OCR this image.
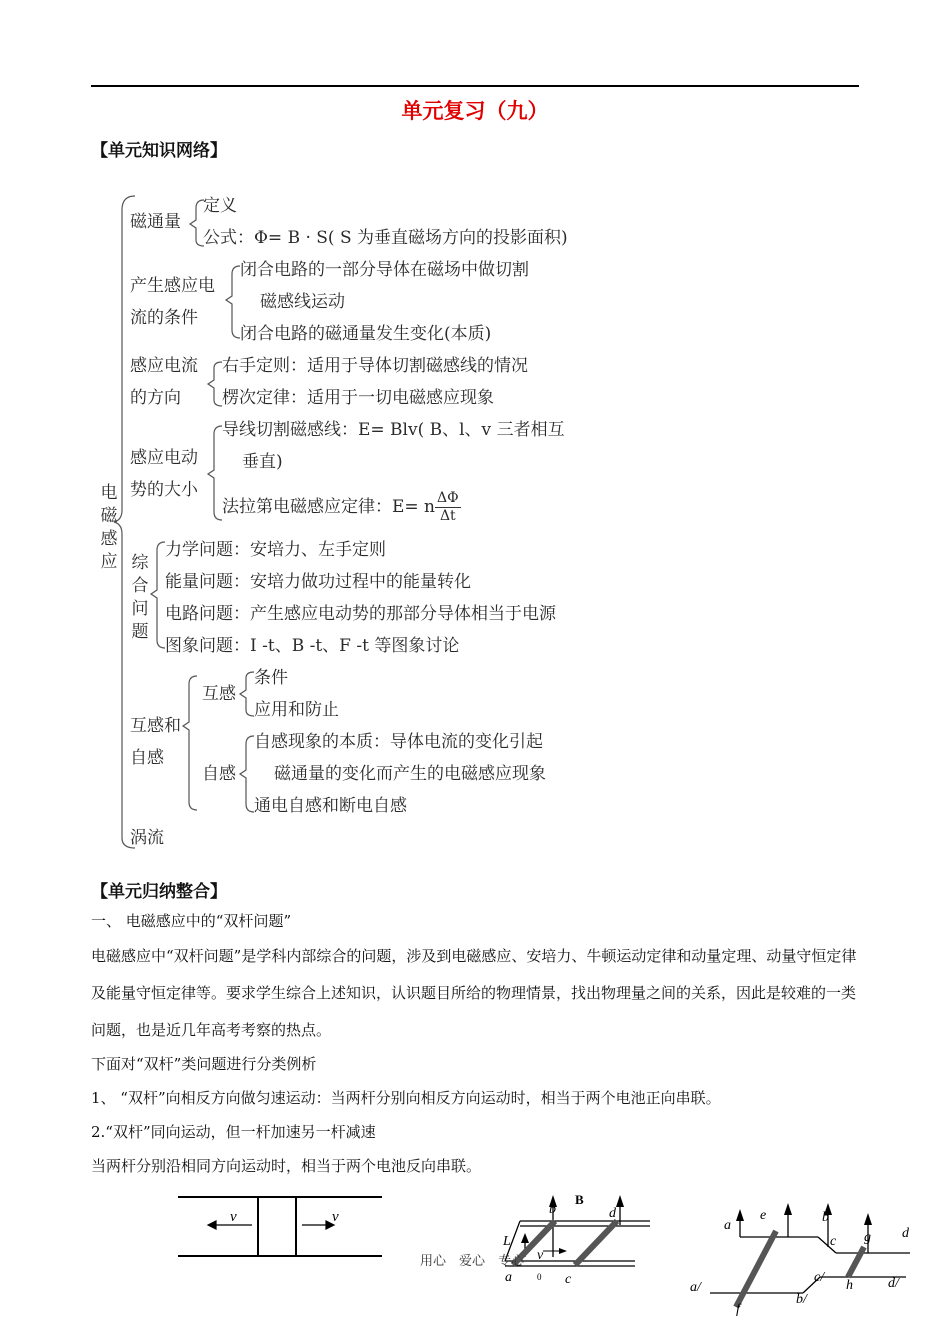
单元复习（九）
【单元知识网络】
电
磁
感
应
磁通量
定义
公式：Φ= B · S( S 为垂直磁场方向的投影面积)
产生感应电
流的条件
闭合电路的一部分导体在磁场中做切割
磁感线运动
闭合电路的磁通量发生变化(本质)
感应电流
的方向
右手定则：适用于导体切割磁感线的情况
楞次定律：适用于一切电磁感应现象
感应电动
势的大小
导线切割磁感线：E= Blv( B、l、v 三者相互
垂直)
法拉第电磁感应定律：E= n $\frac{\Delta\Phi}{\Delta t}$
综
合
问
题
力学问题：安培力、左手定则
能量问题：安培力做功过程中的能量转化
电路问题：产生感应电动势的那部分导体相当于电源
图象问题：I -t、B -t、F -t 等图象讨论
互感和
自感
互感
条件
应用和防止
自感
自感现象的本质：导体电流的变化引起
磁通量的变化而产生的电磁感应现象
通电自感和断电自感
涡流
【单元归纳整合】
一、 电磁感应中的“双杆问题”
电磁感应中“双杆问题”是学科内部综合的问题，涉及到电磁感应、安培力、牛顿运动定律和动量定理、动量守恒定律及能量守恒定律等。要求学生综合上述知识，认识题目所给的物理情景，找出物理量之间的关系，因此是较难的一类问题，也是近几年高考考察的热点。
下面对“双杆”类问题进行分类例析
1、 “双杆”向相反方向做匀速运动：当两杆分别向相反方向运动时，相当于两个电池正向串联。
2.“双杆”同向运动，但一杆加速另一杆减速
当两杆分别沿相同方向运动时，相当于两个电池反向串联。
v	v
B
b	d
L
v
a	0 c
a
e	b
c g d
a/
f
b/
c/
h	d/
用心　爱心　专心
